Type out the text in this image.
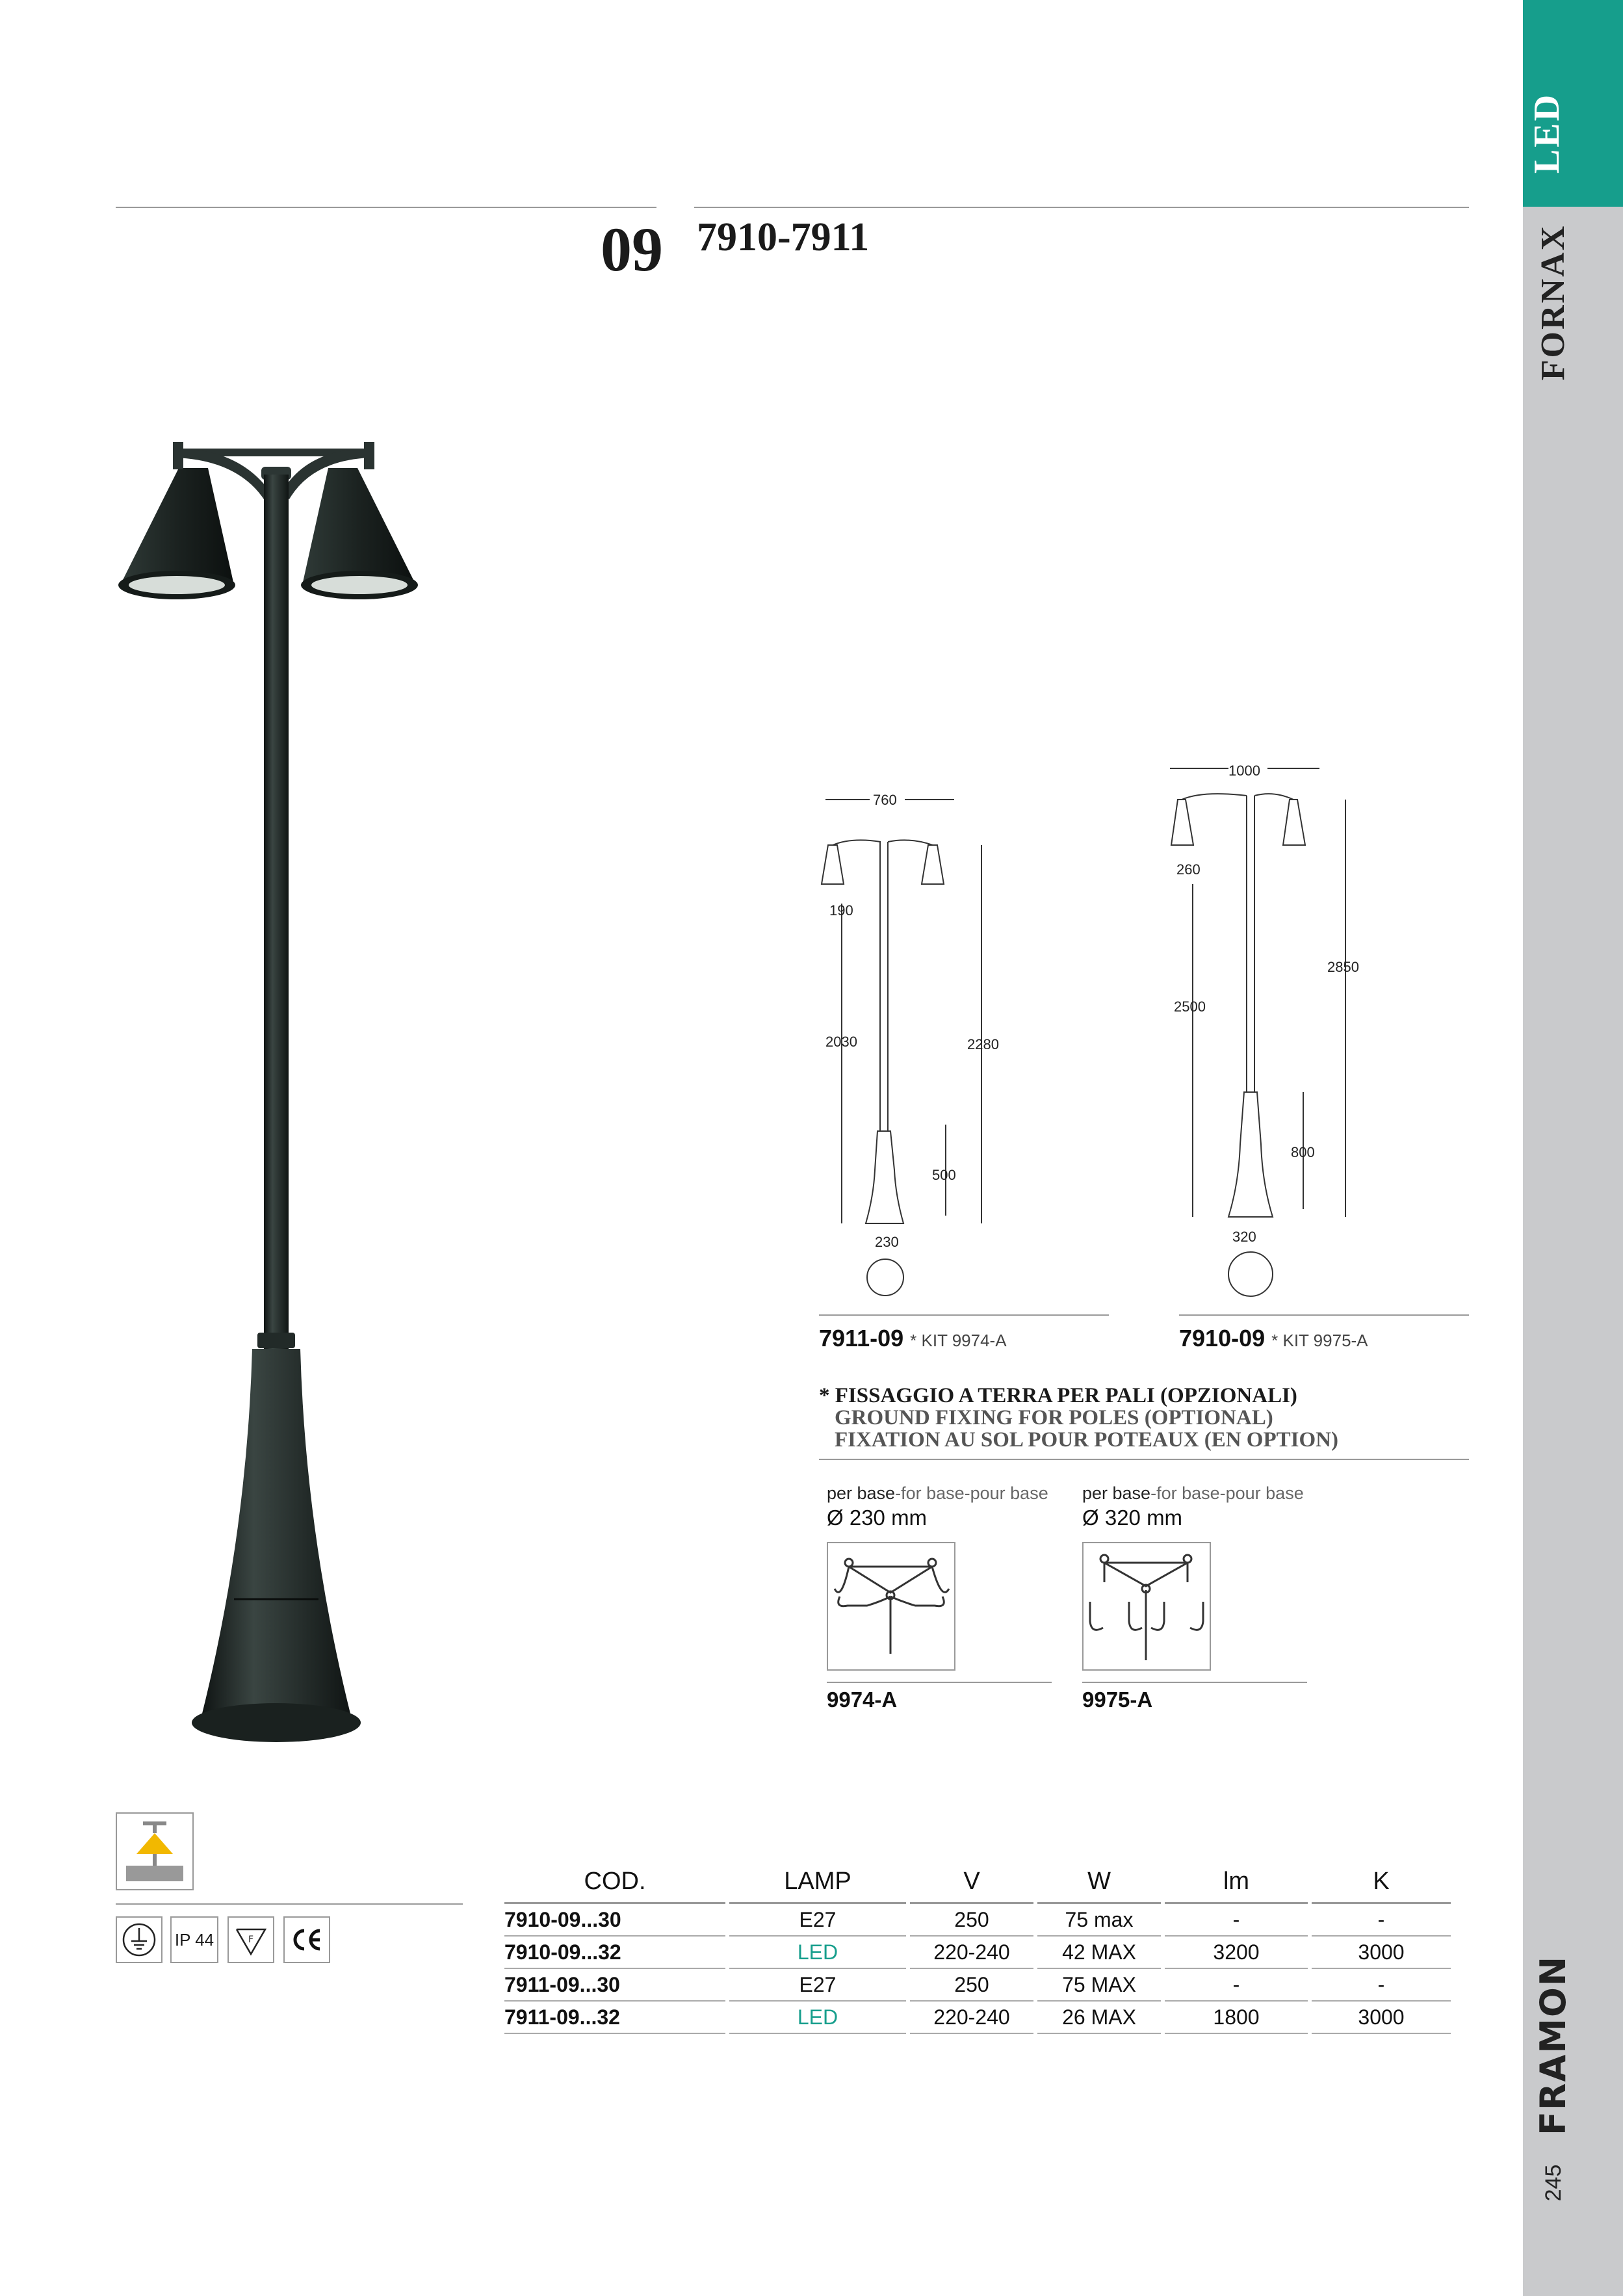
LED
FORNAX
FRAMON
245
09 7910-7911
760
190
2030	2280
500
230
7911-09 * KIT 9974-A
1000
260
2500
2850
800
320
7910-09 * KIT 9975-A
* FISSAGGIO A TERRA PER PALI (OPZIONALI)
GROUND FIXING FOR POLES (OPTIONAL)
FIXATION AU SOL POUR POTEAUX (EN OPTION)
per base-for base-pour base
Ø 230 mm
9974-A
per base-for base-pour base
Ø 320 mm
9975-A
IP 44	F
COD.	LAMP	V	W	lm	K
7910-09...30	E27	250	75 max	-	-
7910-09...32	LED	220-240	42 MAX	3200	3000
7911-09...30	E27	250	75 MAX	-	-
7911-09...32	LED	220-240	26 MAX	1800	3000
